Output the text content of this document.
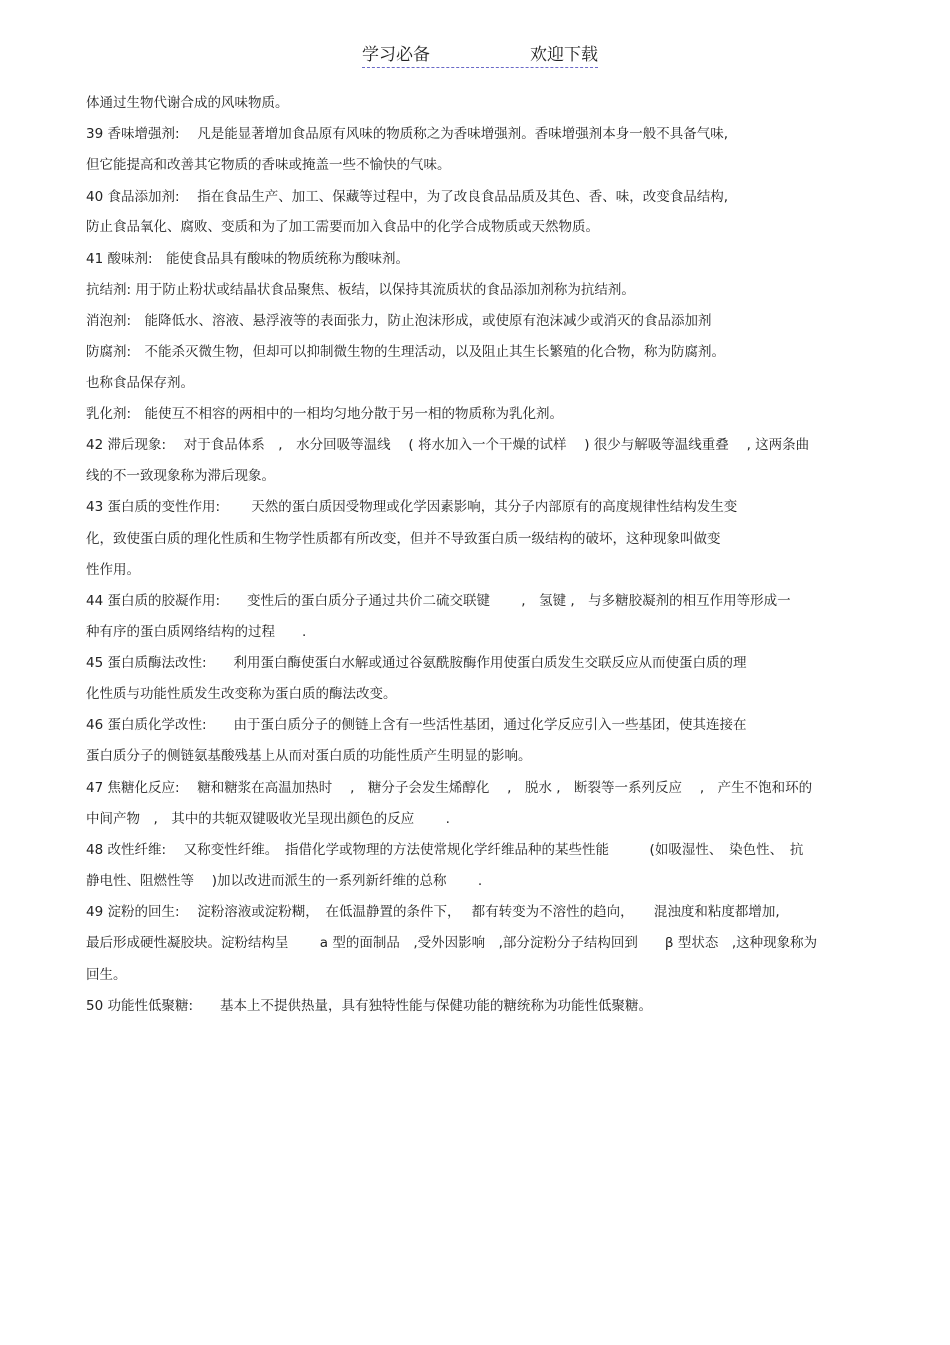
学习必备	欢迎下载
体通过生物代谢合成的风味物质。
39 香味增强剂:　 凡是能显著增加食品原有风味的物质称之为香味增强剂。香味增强剂本身一般不具备气味,
但它能提高和改善其它物质的香味或掩盖一些不愉快的气味。
40 食品添加剂:　 指在食品生产、加工、保藏等过程中，为了改良食品品质及其色、香、味，改变食品结构,
防止食品氧化、腐败、变质和为了加工需要而加入食品中的化学合成物质或天然物质。
41 酸味剂:　能使食品具有酸味的物质统称为酸味剂。
抗结剂: 用于防止粉状或结晶状食品聚焦、板结，以保持其流质状的食品添加剂称为抗结剂。
消泡剂:　能降低水、溶液、悬浮液等的表面张力，防止泡沫形成，或使原有泡沫减少或消灭的食品添加剂
防腐剂:　不能杀灭微生物，但却可以抑制微生物的生理活动，以及阻止其生长繁殖的化合物，称为防腐剂。
也称食品保存剂。
乳化剂:　能使互不相容的两相中的一相均匀地分散于另一相的物质称为乳化剂。
42 滞后现象:　 对于食品体系　,　水分回吸等温线　 ( 将水加入一个干燥的试样　 ) 很少与解吸等温线重叠　 , 这两条曲
线的不一致现象称为滞后现象。
43 蛋白质的变性作用:　　 天然的蛋白质因受物理或化学因素影响，其分子内部原有的高度规律性结构发生变
化，致使蛋白质的理化性质和生物学性质都有所改变，但并不导致蛋白质一级结构的破坏，这种现象叫做变
性作用。
44 蛋白质的胶凝作用:　　变性后的蛋白质分子通过共价二硫交联键　　 ,　氢键 ,　与多糖胶凝剂的相互作用等形成一
种有序的蛋白质网络结构的过程　　.
45 蛋白质酶法改性:　　利用蛋白酶使蛋白水解或通过谷氨酰胺酶作用使蛋白质发生交联反应从而使蛋白质的理
化性质与功能性质发生改变称为蛋白质的酶法改变。
46 蛋白质化学改性:　　由于蛋白质分子的侧链上含有一些活性基团，通过化学反应引入一些基团，使其连接在
蛋白质分子的侧链氨基酸残基上从而对蛋白质的功能性质产生明显的影响。
47 焦糖化反应:　 糖和糖浆在高温加热时　 ,　糖分子会发生烯醇化　 ,　脱水 ,　断裂等一系列反应　 ,　产生不饱和环的
中间产物　,　其中的共轭双键吸收光呈现出颜色的反应　　 .
48 改性纤维:　 又称变性纤维。　指借化学或物理的方法使常规化学纤维品种的某些性能　　　(如吸湿性、　染色性、　抗
静电性、阻燃性等　 )加以改进而派生的一系列新纤维的总称　　 .
49 淀粉的回生:　 淀粉溶液或淀粉糊，　在低温静置的条件下，　 都有转变为不溶性的趋向，　　混浊度和粘度都增加,
最后形成硬性凝胶块。淀粉结构呈　　 a 型的面制品　,受外因影响　,部分淀粉分子结构回到　　β 型状态　,这种现象称为
回生。
50 功能性低聚糖:　　基本上不提供热量，具有独特性能与保健功能的糖统称为功能性低聚糖。
